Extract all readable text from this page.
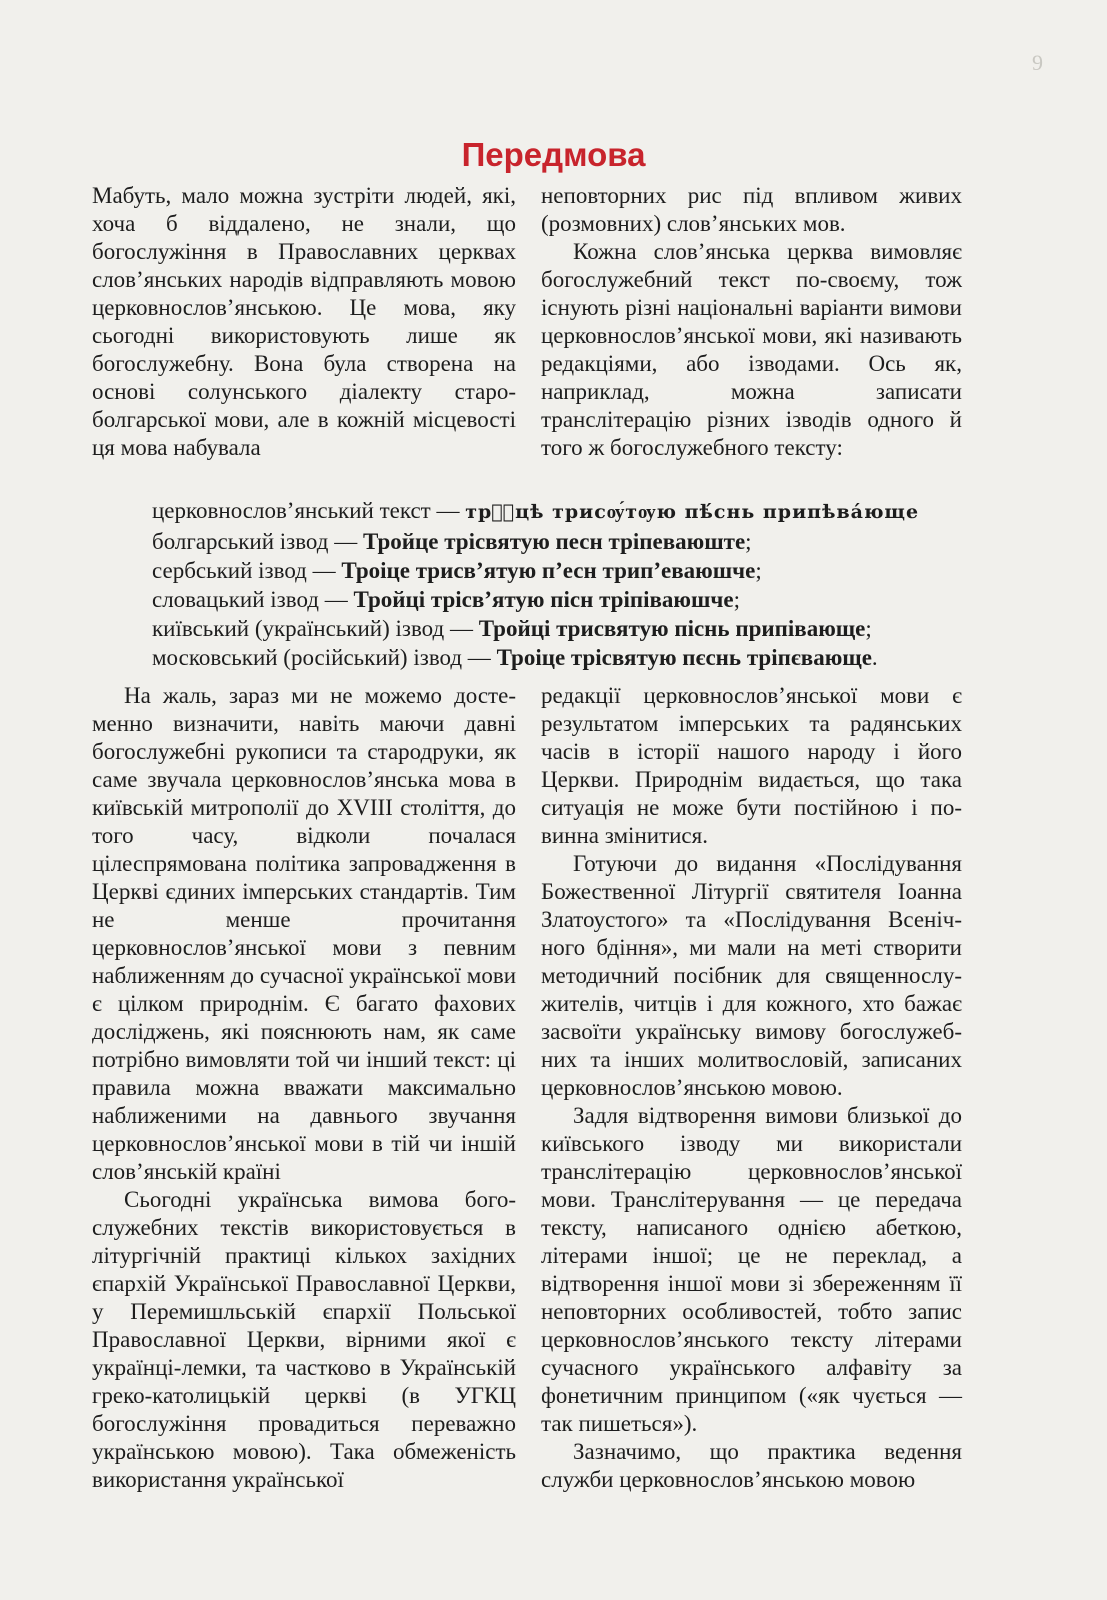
9
Передмова

Мабуть, мало можна зустріти людей, які, хоча б віддалено, не знали, що богослужіння в Православних церквах слов’янських народів відправляють мовою церковнослов’янською. Це мова, яку сьогодні використовують лише як богослужебну. Вона була створена на основі солунського діалекту старо-болгарської мови, але в кожній місцевості ця мова набувала

неповторних рис під впливом живих (розмовних) слов’янських мов.

Кожна слов’янська церква вимовляє богослужебний текст по-своєму, тож існують різні національні варіанти вимови церковнослов’янської мови, які називають редакціями, або ізводами. Ось як, наприклад, можна записати транслітерацію різних ізводів одного й того ж богослужебного тексту:

церковнослов’янський текст — трⷪ҇цѣ трисѹ́тѹю пѣ́снь припѣва́юще
болгарський ізвод — Тройце трісвятую песн тріпеваюште;
сербський ізвод — Троіце трисв’ятую п’есн трип’еваюшче;
словацький ізвод — Тройці трісв’ятую пісн тріпіваюшче;
київський (український) ізвод — Тройці трисвятую піснь припівающе;
московський (російський) ізвод — Троіце трісвятую пєснь тріпєвающе.

На жаль, зараз ми не можемо достеменно визначити, навіть маючи давні богослужебні рукописи та стародруки, як саме звучала церковнослов’янська мова в київській митрополії до XVIII століття, до того часу, відколи почалася цілеспрямована політика запровадження в Церкві єдиних імперських стандартів. Тим не менше прочитання церковнослов’янської мови з певним наближенням до сучасної української мови є цілком природнім. Є багато фахових досліджень, які пояснюють нам, як саме потрібно вимовляти той чи інший текст: ці правила можна вважати максимально наближеними на давнього звучання церковнослов’янської мови в тій чи іншій слов’янській країні

Сьогодні українська вимова богослужебних текстів використовується в літургічній практиці кількох західних єпархій Української Православної Церкви, у Перемишльській єпархії Польської Православної Церкви, вірними якої є українці-лемки, та частково в Українській греко-католицькій церкві (в УГКЦ богослужіння провадиться переважно українською мовою). Така обмеженість використання української

редакції церковнослов’янської мови є результатом імперських та радянських часів в історії нашого народу і його Церкви. Природнім видається, що така ситуація не може бути постійною і повинна змінитися.

Готуючи до видання «Послідування Божественної Літургії святителя Іоанна Златоустого» та «Послідування Всенічного бдіння», ми мали на меті створити методичний посібник для священнослужителів, читців і для кожного, хто бажає засвоїти українську вимову богослужебних та інших молитвословій, записаних церковнослов’янською мовою.

Задля відтворення вимови близької до київського ізводу ми використали транслітерацію церковнослов’янської мови. Транслітерування — це передача тексту, написаного однією абеткою, літерами іншої; це не переклад, а відтворення іншої мови зі збереженням її неповторних особливостей, тобто запис церковнослов’янського тексту літерами сучасного українського алфавіту за фонетичним принципом («як чується — так пишеться»).

Зазначимо, що практика ведення служби церковнослов’янською мовою
